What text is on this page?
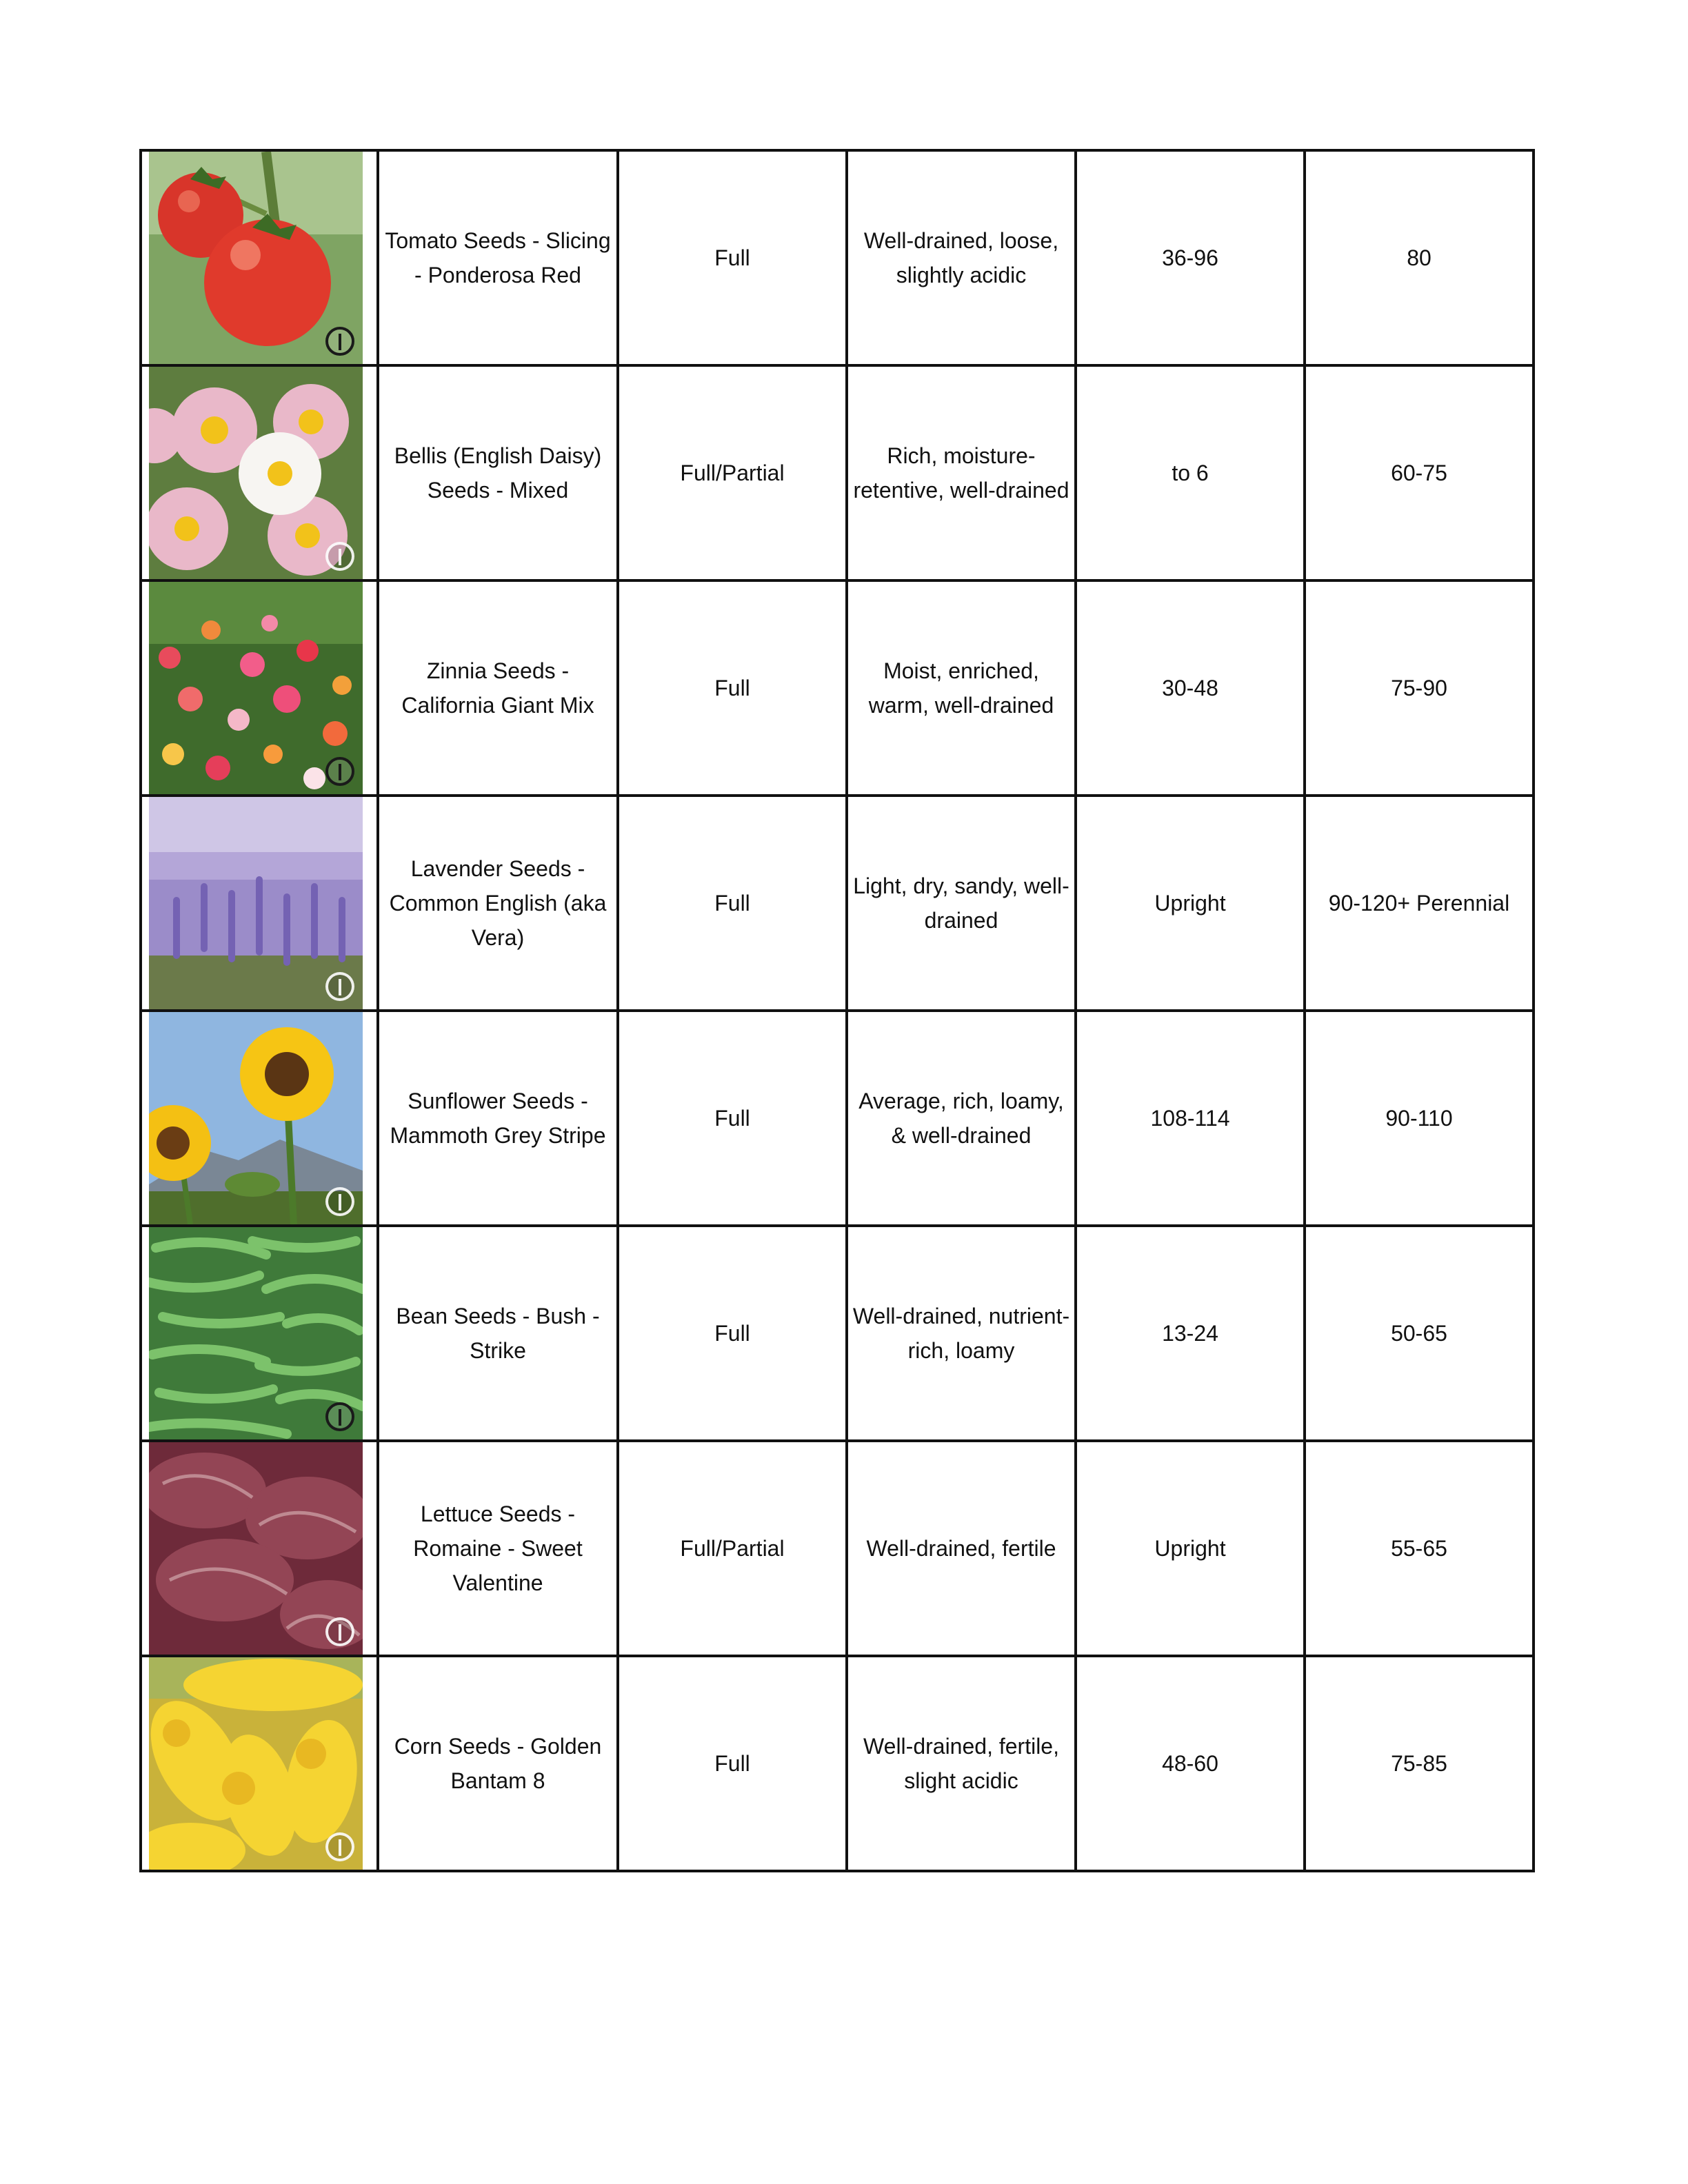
Tomato Seeds - Slicing - Ponderosa Red	Full	Well-drained, loose, slightly acidic	36-96	80

Bellis (English Daisy) Seeds - Mixed	Full/Partial	Rich, moisture-retentive, well-drained	to 6	60-75

Zinnia Seeds - California Giant Mix	Full	Moist, enriched, warm, well-drained	30-48	75-90

Lavender Seeds - Common English (aka Vera)	Full	Light, dry, sandy, well-drained	Upright	90-120+ Perennial

Sunflower Seeds - Mammoth Grey Stripe	Full	Average, rich, loamy, & well-drained	108-114	90-110

Bean Seeds - Bush - Strike	Full	Well-drained, nutrient-rich, loamy	13-24	50-65

Lettuce Seeds - Romaine - Sweet Valentine	Full/Partial	Well-drained, fertile	Upright	55-65

Corn Seeds - Golden Bantam 8	Full	Well-drained, fertile, slight acidic	48-60	75-85
